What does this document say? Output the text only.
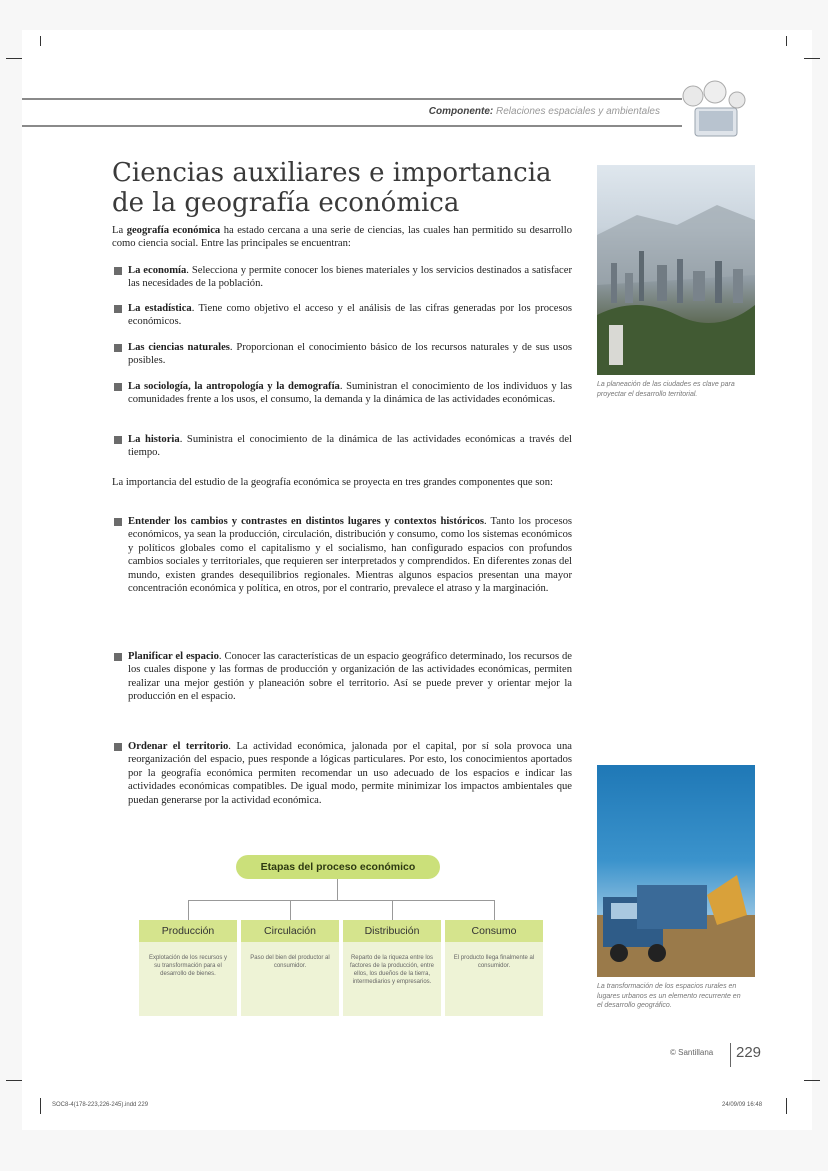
Componente: Relaciones espaciales y ambientales
Ciencias auxiliares e importancia
de la geografía económica
La geografía económica ha estado cercana a una serie de ciencias, las cuales han permitido su desarrollo como ciencia social. Entre las principales se encuentran:
La economía. Selecciona y permite conocer los bienes materiales y los servicios destinados a satisfacer las necesidades de la población.
La estadística. Tiene como objetivo el acceso y el análisis de las cifras generadas por los procesos económicos.
Las ciencias naturales. Proporcionan el conocimiento básico de los recursos naturales y de sus usos posibles.
La sociología, la antropología y la demografía. Suministran el conocimiento de los individuos y las comunidades frente a los usos, el consumo, la demanda y la dinámica de las actividades económicas.
La historia. Suministra el conocimiento de la dinámica de las actividades económicas a través del tiempo.
La importancia del estudio de la geografía económica se proyecta en tres grandes componentes que son:
Entender los cambios y contrastes en distintos lugares y contextos históricos. Tanto los procesos económicos, ya sean la producción, circulación, distribución y consumo, como los sistemas económicos y políticos globales como el capitalismo y el socialismo, han configurado espacios con profundos cambios sociales y territoriales, que requieren ser interpretados y comprendidos. En diferentes zonas del mundo, existen grandes desequilibrios regionales. Mientras algunos espacios presentan una mayor concentración económica y política, en otros, por el contrario, prevalece el atraso y la marginación.
Planificar el espacio. Conocer las características de un espacio geográfico determinado, los recursos de los cuales dispone y las formas de producción y organización de las actividades económicas, permiten realizar una mejor gestión y planeación sobre el territorio. Así se puede prever y orientar mejor la producción en el espacio.
Ordenar el territorio. La actividad económica, jalonada por el capital, por sí sola provoca una reorganización del espacio, pues responde a lógicas particulares. Por esto, los conocimientos aportados por la geografía económica permiten recomendar un uso adecuado de los espacios e indicar las actividades económicas compatibles. De igual modo, permite minimizar los impactos ambientales que puedan generarse por la actividad económica.
La planeación de las ciudades es clave para proyectar el desarrollo territorial.
La transformación de los espacios rurales en lugares urbanos es un elemento recurrente en el desarrollo geográfico.
Etapas del proceso económico
Producción
Explotación de los recursos y su transformación para el desarrollo de bienes.
Circulación
Paso del bien del productor al consumidor.
Distribución
Reparto de la riqueza entre los factores de la producción, entre ellos, los dueños de la tierra, intermediarios y empresarios.
Consumo
El producto llega finalmente al consumidor.
© Santillana 229
SOC8-4(178-223,226-245).indd 229	24/09/09 16:48
